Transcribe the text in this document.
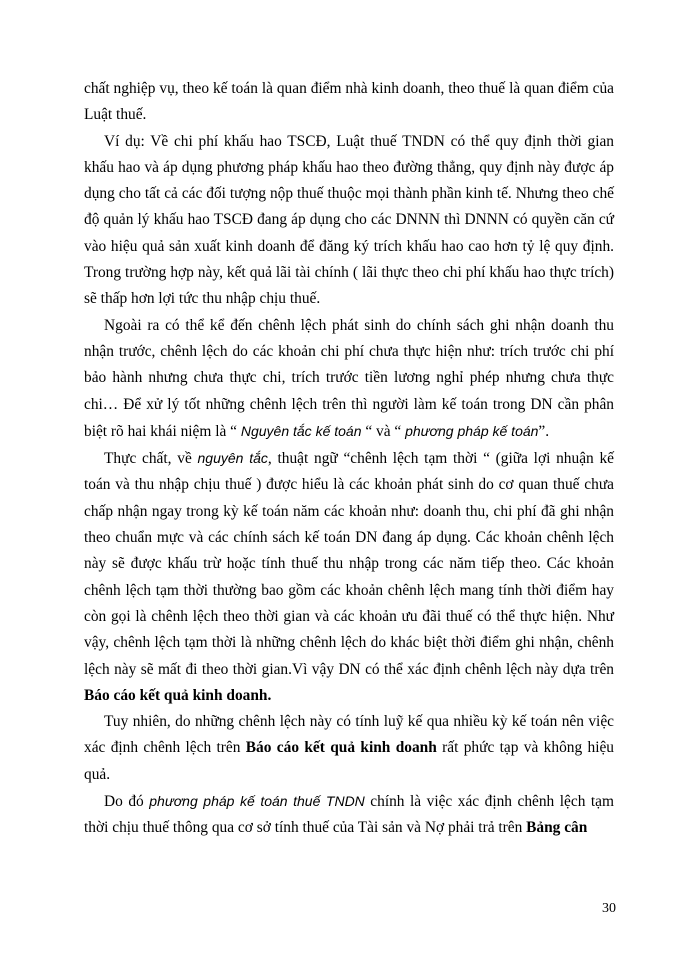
chất nghiệp vụ, theo kế toán là quan điểm nhà kinh doanh, theo thuế là quan điểm của Luật thuế.

Ví dụ: Về chi phí khấu hao TSCĐ, Luật thuế TNDN có thể quy định thời gian khấu hao và áp dụng phương pháp khấu hao theo đường thẳng, quy định này được áp dụng cho tất cả các đối tượng nộp thuế thuộc mọi thành phần kinh tế. Nhưng theo chế độ quản lý khấu hao TSCĐ đang áp dụng cho các DNNN thì DNNN có quyền căn cứ vào hiệu quả sản xuất kinh doanh để đăng ký trích khấu hao cao hơn tỷ lệ quy định. Trong trường hợp này, kết quả lãi tài chính ( lãi thực theo chi phí khấu hao thực trích) sẽ thấp hơn lợi tức thu nhập chịu thuế.

Ngoài ra có thể kể đến chênh lệch phát sinh do chính sách ghi nhận doanh thu nhận trước, chênh lệch do các khoản chi phí chưa thực hiện như: trích trước chi phí bảo hành nhưng chưa thực chi, trích trước tiền lương nghỉ phép nhưng chưa thực chi… Để xử lý tốt những chênh lệch trên thì người làm kế toán trong DN cần phân biệt rõ hai khái niệm là “ Nguyên tắc kế toán “ và “ phương pháp kế toán”.

Thực chất, về nguyên tắc, thuật ngữ “chênh lệch tạm thời “ (giữa lợi nhuận kế toán và thu nhập chịu thuế ) được hiểu là các khoản phát sinh do cơ quan thuế chưa chấp nhận ngay trong kỳ kế toán năm các khoản như: doanh thu, chi phí đã ghi nhận theo chuẩn mực và các chính sách kế toán DN đang áp dụng. Các khoản chênh lệch này sẽ được khấu trừ hoặc tính thuế thu nhập trong các năm tiếp theo. Các khoản chênh lệch tạm thời thường bao gồm các khoản chênh lệch mang tính thời điểm hay còn gọi là chênh lệch theo thời gian và các khoản ưu đãi thuế có thể thực hiện. Như vậy, chênh lệch tạm thời là những chênh lệch do khác biệt thời điểm ghi nhận, chênh lệch này sẽ mất đi theo thời gian.Vì vậy DN có thể xác định chênh lệch này dựa trên Báo cáo kết quả kinh doanh.

Tuy nhiên, do những chênh lệch này có tính luỹ kế qua nhiều kỳ kế toán nên việc xác định chênh lệch trên Báo cáo kết quả kinh doanh rất phức tạp và không hiệu quả.

Do đó phương pháp kế toán thuế TNDN chính là việc xác định chênh lệch tạm thời chịu thuế thông qua cơ sở tính thuế của Tài sản và Nợ phải trả trên Bảng cân

30
